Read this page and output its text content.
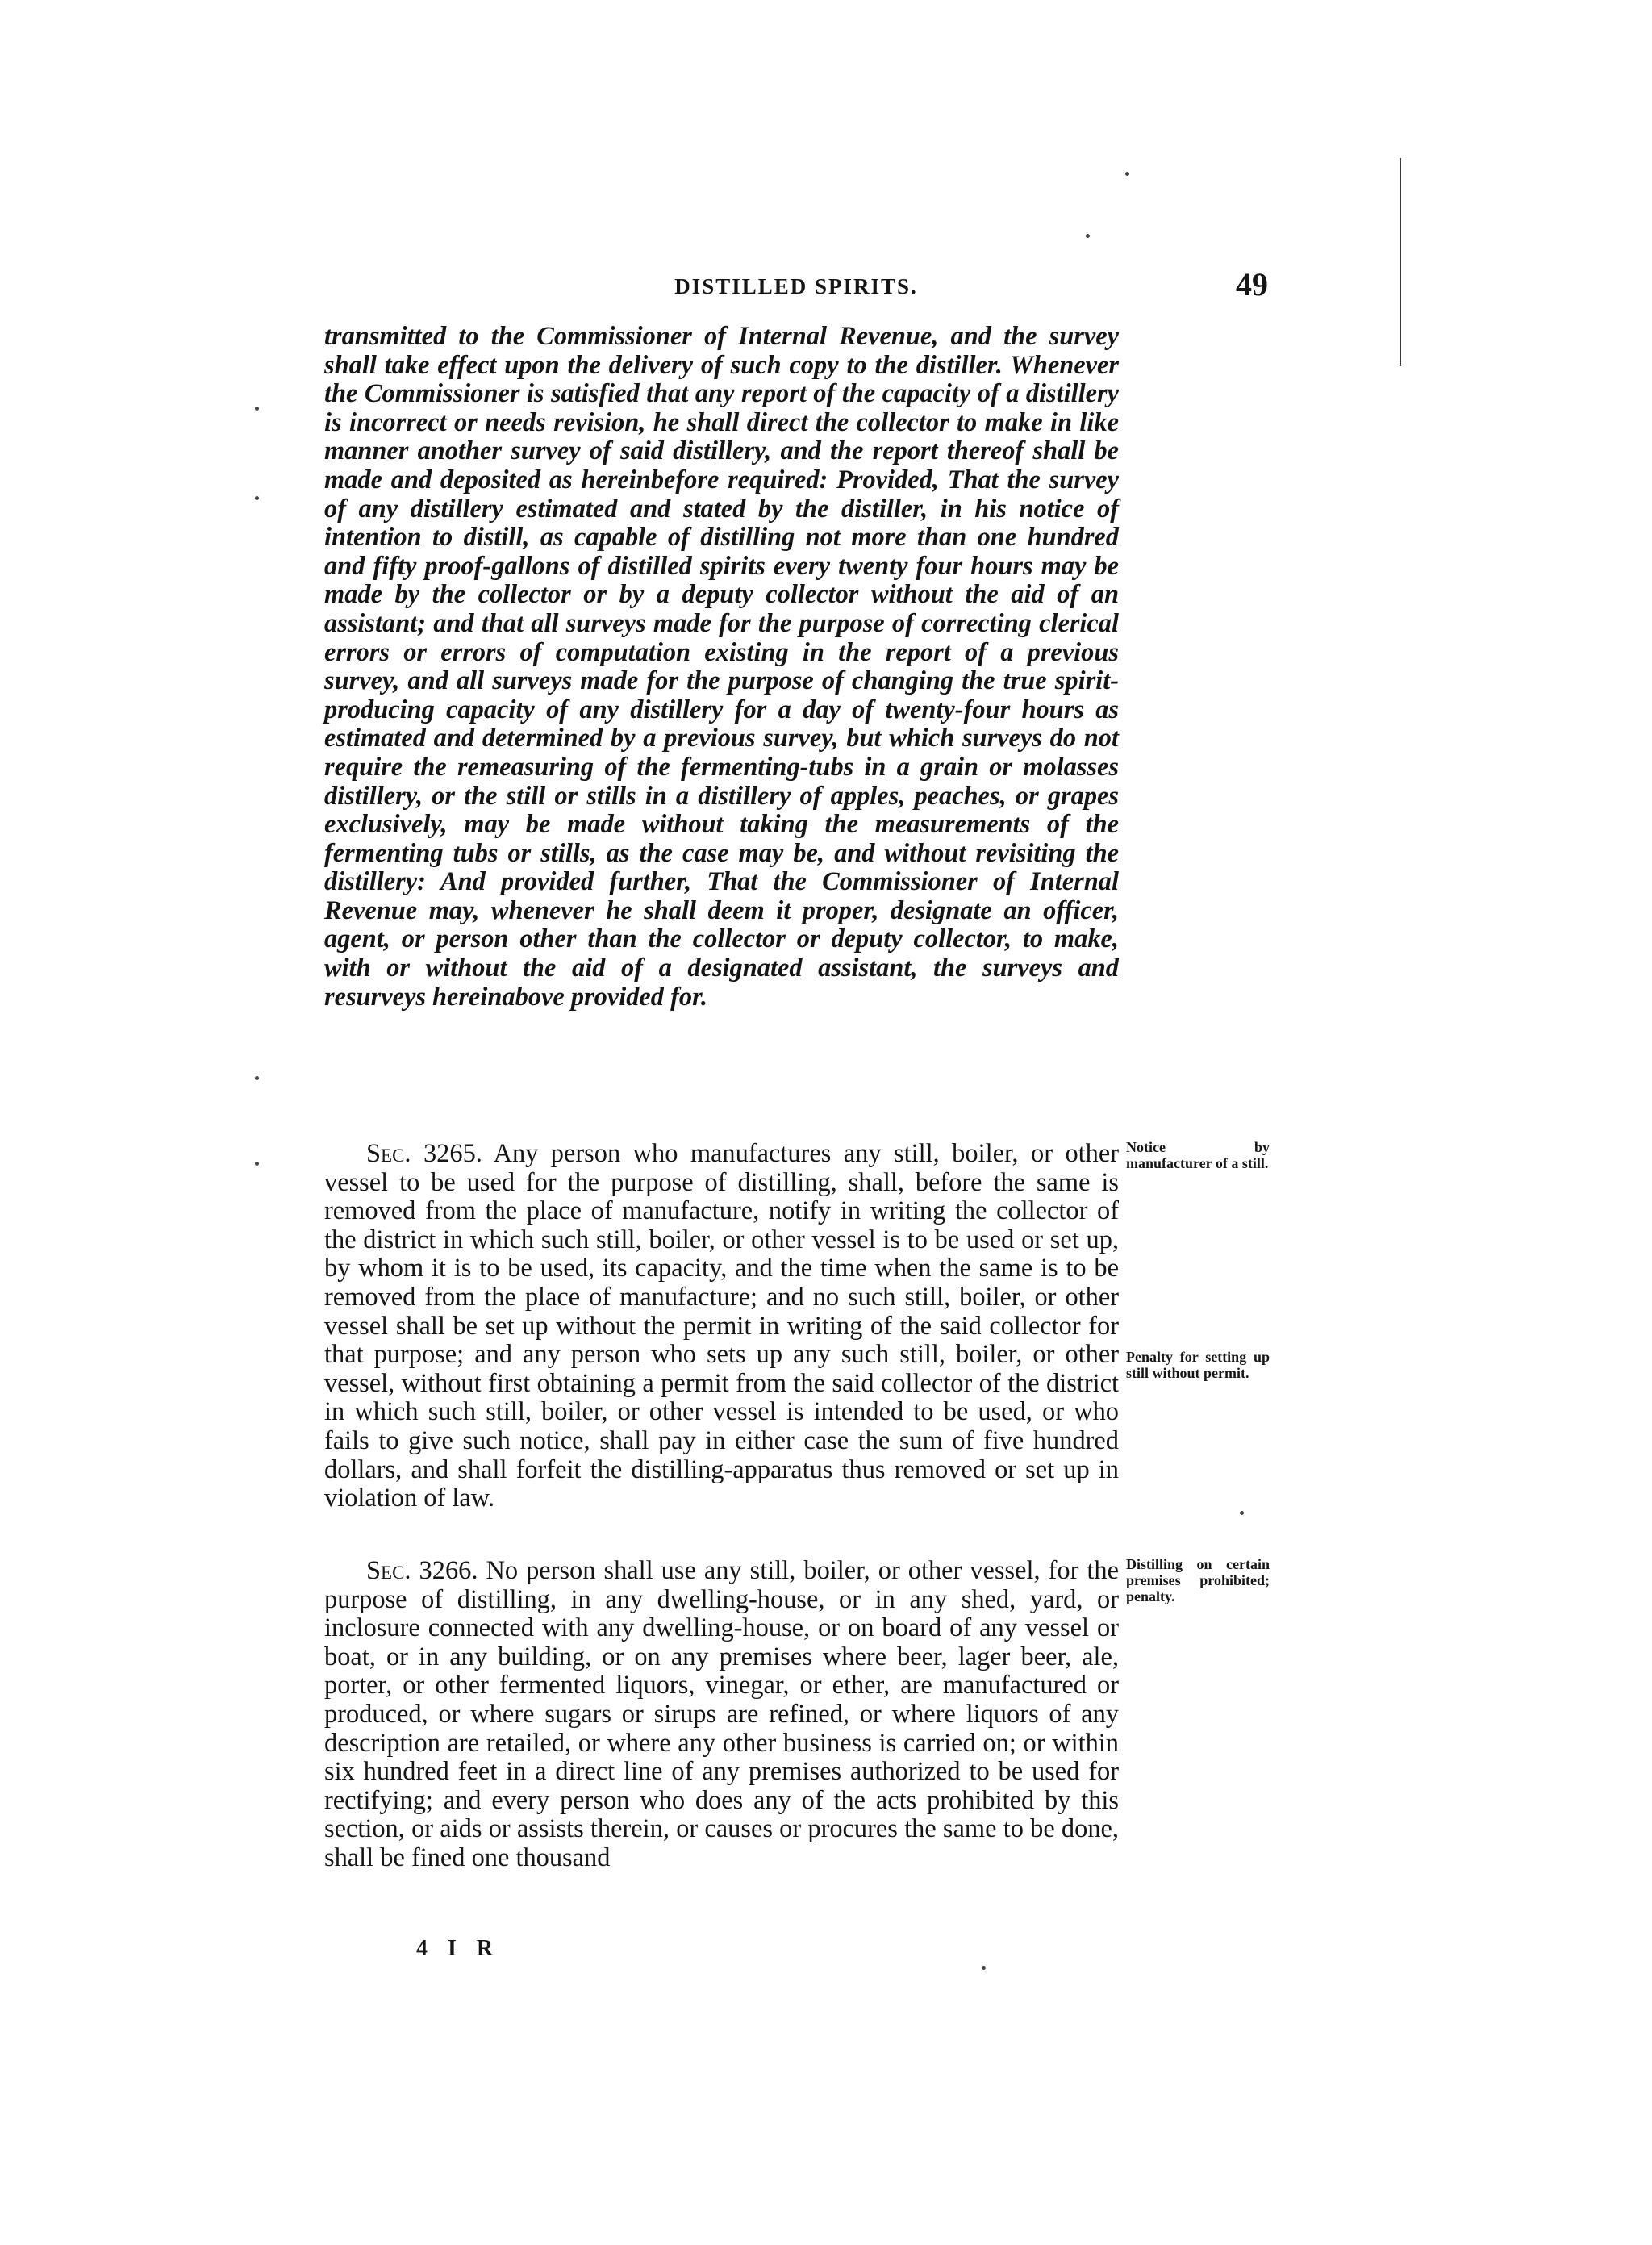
DISTILLED SPIRITS.	49

transmitted to the Commissioner of Internal Revenue, and the survey shall take effect upon the delivery of such copy to the distiller. Whenever the Commissioner is satisfied that any report of the capacity of a distillery is incorrect or needs revision, he shall direct the collector to make in like manner another survey of said distillery, and the report thereof shall be made and deposited as hereinbefore required: Provided, That the survey of any distillery estimated and stated by the distiller, in his notice of intention to distill, as capable of distilling not more than one hundred and fifty proof-gallons of distilled spirits every twenty four hours may be made by the collector or by a deputy collector without the aid of an assistant; and that all surveys made for the purpose of correcting clerical errors or errors of computation existing in the report of a previous survey, and all surveys made for the purpose of changing the true spirit-producing capacity of any distillery for a day of twenty-four hours as estimated and determined by a previous survey, but which surveys do not require the remeasuring of the fermenting-tubs in a grain or molasses distillery, or the still or stills in a distillery of apples, peaches, or grapes exclusively, may be made without taking the measurements of the fermenting tubs or stills, as the case may be, and without revisiting the distillery: And provided further, That the Commissioner of Internal Revenue may, whenever he shall deem it proper, designate an officer, agent, or person other than the collector or deputy collector, to make, with or without the aid of a designated assistant, the surveys and resurveys hereinabove provided for.

Sec. 3265. Any person who manufactures any still, boiler, or other vessel to be used for the purpose of distilling, shall, before the same is removed from the place of manufacture, notify in writing the collector of the district in which such still, boiler, or other vessel is to be used or set up, by whom it is to be used, its capacity, and the time when the same is to be removed from the place of manufacture; and no such still, boiler, or other vessel shall be set up without the permit in writing of the said collector for that purpose; and any person who sets up any such still, boiler, or other vessel, without first obtaining a permit from the said collector of the district in which such still, boiler, or other vessel is intended to be used, or who fails to give such notice, shall pay in either case the sum of five hundred dollars, and shall forfeit the distilling-apparatus thus removed or set up in violation of law.

Sec. 3266. No person shall use any still, boiler, or other vessel, for the purpose of distilling, in any dwelling-house, or in any shed, yard, or inclosure connected with any dwelling-house, or on board of any vessel or boat, or in any building, or on any premises where beer, lager beer, ale, porter, or other fermented liquors, vinegar, or ether, are manufactured or produced, or where sugars or sirups are refined, or where liquors of any description are retailed, or where any other business is carried on; or within six hundred feet in a direct line of any premises authorized to be used for rectifying; and every person who does any of the acts prohibited by this section, or aids or assists therein, or causes or procures the same to be done, shall be fined one thousand

Notice by manufacturer of a still.

Penalty for setting up still without permit.

Distilling on certain premises prohibited; penalty.

4 I R
